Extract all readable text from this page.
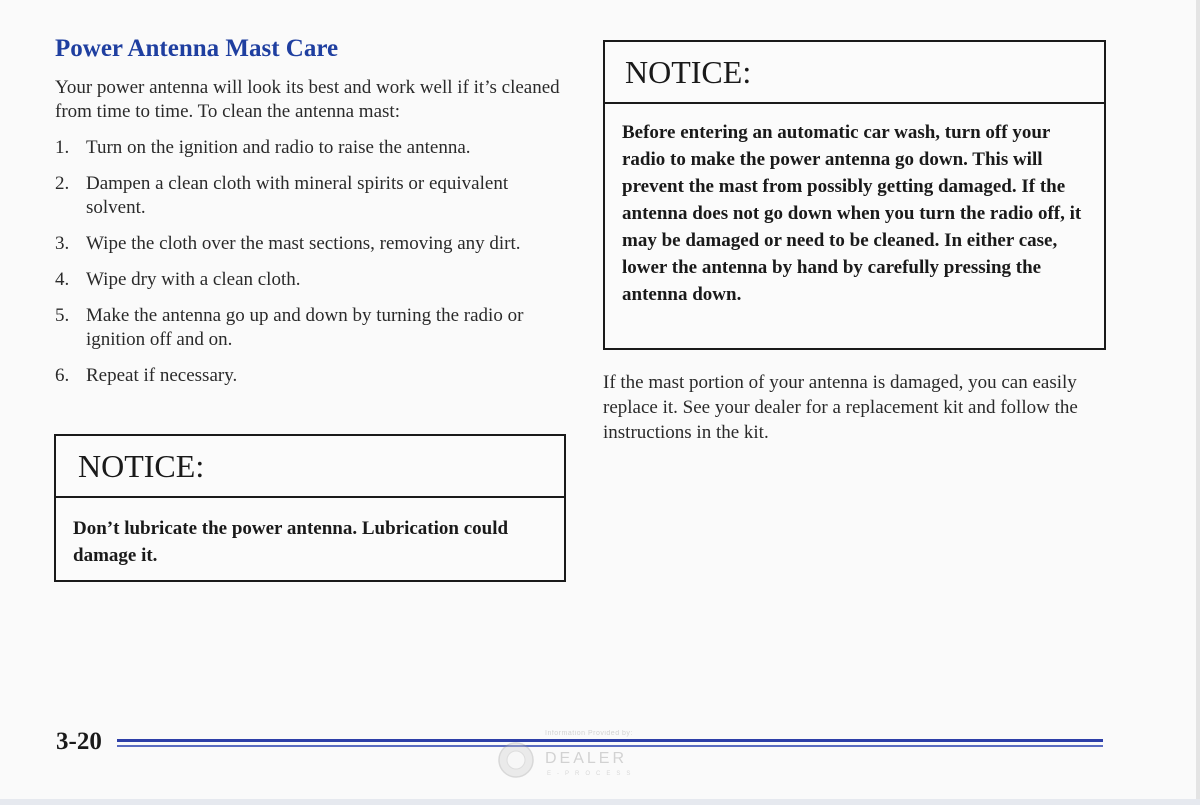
Power Antenna Mast Care

Your power antenna will look its best and work well if it’s cleaned from time to time. To clean the antenna mast:

1. Turn on the ignition and radio to raise the antenna.
2. Dampen a clean cloth with mineral spirits or equivalent solvent.
3. Wipe the cloth over the mast sections, removing any dirt.
4. Wipe dry with a clean cloth.
5. Make the antenna go up and down by turning the radio or ignition off and on.
6. Repeat if necessary.
NOTICE:
Don’t lubricate the power antenna. Lubrication could damage it.
NOTICE:
Before entering an automatic car wash, turn off your radio to make the power antenna go down. This will prevent the mast from possibly getting damaged. If the antenna does not go down when you turn the radio off, it may be damaged or need to be cleaned. In either case, lower the antenna by hand by carefully pressing the antenna down.

If the mast portion of your antenna is damaged, you can easily replace it. See your dealer for a replacement kit and follow the instructions in the kit.

3-20	Information Provided by:
DEALER
E-PROCESS
